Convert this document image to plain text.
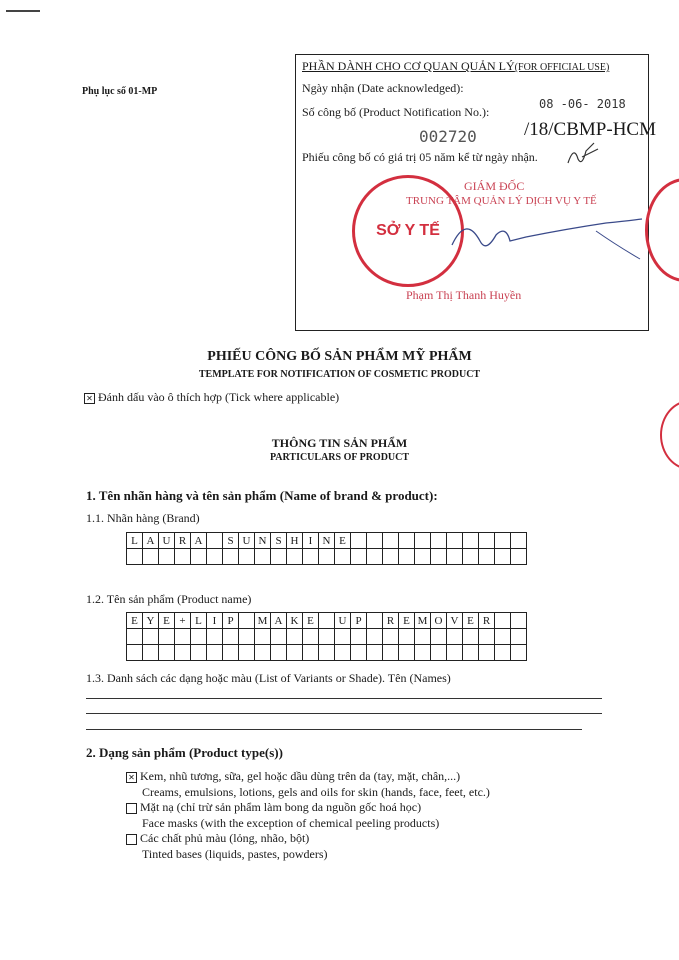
Phụ lục số 01-MP
PHẦN DÀNH CHO CƠ QUAN QUẢN LÝ(FOR OFFICIAL USE)
Ngày nhận (Date acknowledged):
Số công bố (Product Notification No.):
08 -06- 2018
002720 /18/CBMP-HCM
Phiếu công bố có giá trị 05 năm kể từ ngày nhận.
SỞ Y TẾ
GIÁM ĐỐC
TRUNG TÂM QUẢN LÝ DỊCH VỤ Y TẾ
Phạm Thị Thanh Huyền
PHIẾU CÔNG BỐ SẢN PHẨM MỸ PHẨM
TEMPLATE FOR NOTIFICATION OF COSMETIC PRODUCT
✕ Đánh dấu vào ô thích hợp (Tick where applicable)
THÔNG TIN SẢN PHẨM
PARTICULARS OF PRODUCT
1. Tên nhãn hàng và tên sản phẩm (Name of brand & product):
1.1. Nhãn hàng (Brand)
L	A	U	R	A		S	U	N	S	H	I	N	E											

1.2. Tên sản phẩm (Product name)
E	Y	E	+	L	I	P		M	A	K	E		U	P		R	E	M	O	V	E	R		

1.3. Danh sách các dạng hoặc màu (List of Variants or Shade). Tên (Names)
2. Dạng sản phẩm (Product type(s))
✕ Kem, nhũ tương, sữa, gel hoặc dầu dùng trên da (tay, mặt, chân,...)
Creams, emulsions, lotions, gels and oils for skin (hands, face, feet, etc.)
Mặt nạ (chỉ trừ sản phẩm làm bong da nguồn gốc hoá học)
Face masks (with the exception of chemical peeling products)
Các chất phủ màu (lỏng, nhão, bột)
Tinted bases (liquids, pastes, powders)
